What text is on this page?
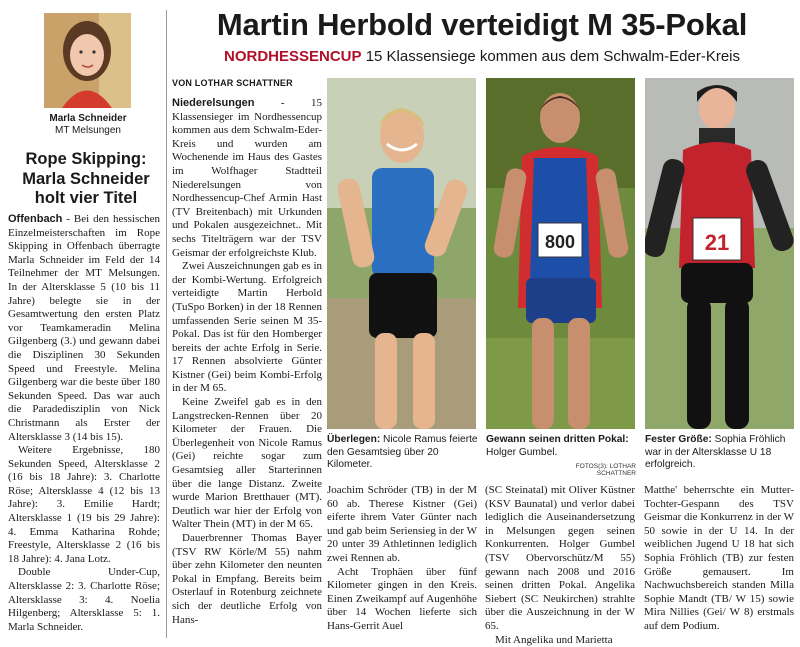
Marla Schneider
MT Melsungen
Rope Skipping: Marla Schneider holt vier Titel

Offenbach - Bei den hessischen Einzelmeisterschaften im Rope Skipping in Offenbach überragte Marla Schneider im Feld der 14 Teilnehmer der MT Melsungen. In der Altersklasse 5 (10 bis 11 Jahre) belegte sie in der Gesamtwertung den ersten Platz vor Teamkameradin Melina Gilgenberg (3.) und gewann dabei die Disziplinen 30 Sekunden Speed und Freestyle. Melina Gilgenberg war die beste über 180 Sekunden Speed. Das war auch die Paradedisziplin von Nick Christmann als Erster der Altersklasse 3 (14 bis 15).

Weitere Ergebnisse, 180 Sekunden Speed, Altersklasse 2 (16 bis 18 Jahre): 3. Charlotte Röse; Altersklasse 4 (12 bis 13 Jahre): 3. Emilie Hardt; Altersklasse 1 (19 bis 29 Jahre): 4. Emma Katharina Rohde; Freestyle, Altersklasse 2 (16 bis 18 Jahre): 4. Jana Lotz.

Double Under-Cup, Altersklasse 2: 3. Charlotte Röse; Altersklasse 3: 4. Noelia Hilgenberg; Altersklasse 5: 1. Marla Schneider.

Martin Herbold verteidigt M 35-Pokal
NORDHESSENCUP 15 Klassensiege kommen aus dem Schwalm-Eder-Kreis
VON LOTHAR SCHATTNER

Niederelsungen - 15 Klassensieger im Nordhessencup kommen aus dem Schwalm-Eder-Kreis und wurden am Wochenende im Haus des Gastes im Wolfhager Stadtteil Niederelsungen von Nordhessencup-Chef Armin Hast (TV Breitenbach) mit Urkunden und Pokalen ausgezeichnet.. Mit sechs Titelträgern war der TSV Geismar der erfolgreichste Klub.

Zwei Auszeichnungen gab es in der Kombi-Wertung. Erfolgreich verteidigte Martin Herbold (TuSpo Borken) in der 18 Rennen umfassenden Serie seinen M 35-Pokal. Das ist für den Homberger bereits der achte Erfolg in Serie. 17 Rennen absolvierte Günter Kistner (Gei) beim Kombi-Erfolg in der M 65.

Keine Zweifel gab es in den Langstrecken-Rennen über 20 Kilometer der Frauen. Die Überlegenheit von Nicole Ramus (Gei) reichte sogar zum Gesamtsieg aller Starterinnen über die lange Distanz. Zweite wurde Marion Bretthauer (MT). Deutlich war hier der Erfolg von Walter Thein (MT) in der M 65.

Dauerbrenner Thomas Bayer (TSV RW Körle/M 55) nahm über zehn Kilometer den neunten Pokal in Empfang. Bereits beim Osterlauf in Rotenburg zeichnete sich der deutliche Erfolg von Hans-

Überlegen: Nicole Ramus feierte den Gesamtsieg über 20 Kilometer.
800
Gewann seinen dritten Pokal: Holger Gumbel.
FOTOS(3): LOTHAR SCHATTNER
21
Fester Größe: Sophia Fröhlich war in der Altersklasse U 18 erfolgreich.

Joachim Schröder (TB) in der M 60 ab. Therese Kistner (Gei) eiferte ihrem Vater Günter nach und gab beim Seriensieg in der W 20 unter 39 Athletinnen lediglich zwei Rennen ab.

Acht Trophäen über fünf Kilometer gingen in den Kreis. Einen Zweikampf auf Augenhöhe über 14 Wochen lieferte sich Hans-Gerrit Auel

(SC Steinatal) mit Oliver Küstner (KSV Baunatal) und verlor dabei lediglich die Auseinandersetzung in Melsungen gegen seinen Konkurrenten. Holger Gumbel (TSV Obervorschütz/M 55) gewann nach 2008 und 2016 seinen dritten Pokal. Angelika Siebert (SC Neukirchen) strahlte über die Auszeichnung in der W 65.

Mit Angelika und Marietta

Matthe' beherrschte ein Mutter-Tochter-Gespann des TSV Geismar die Konkurrenz in der W 50 sowie in der U 14. In der weiblichen Jugend U 18 hat sich Sophia Fröhlich (TB) zur festen Größe gemausert. Im Nachwuchsbereich standen Milla Sophie Mandt (TB/ W 15) sowie Mira Nillies (Gei/ W 8) erstmals auf dem Podium.
